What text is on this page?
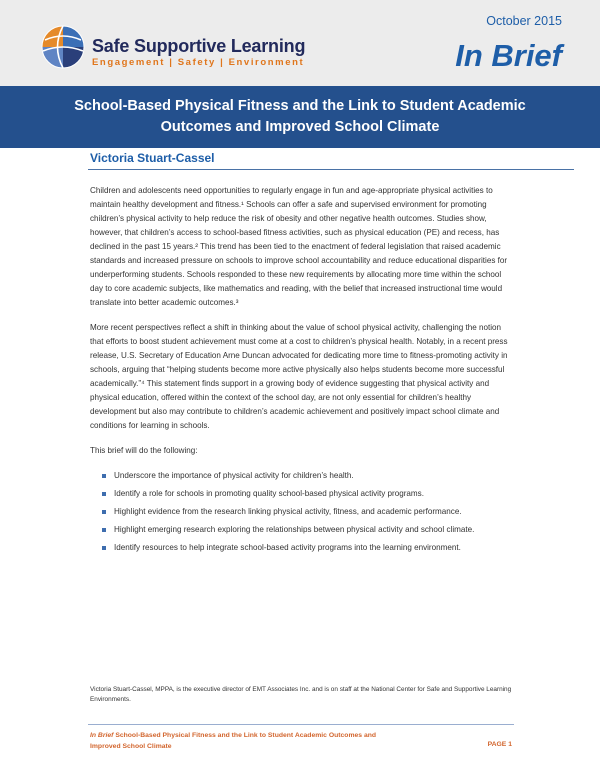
Safe Supportive Learning
Engagement | Safety | Environment
October 2015
In Brief
School-Based Physical Fitness and the Link to Student Academic Outcomes and Improved School Climate
Victoria Stuart-Cassel

Children and adolescents need opportunities to regularly engage in fun and age-appropriate physical activities to maintain healthy development and fitness.¹ Schools can offer a safe and supervised environment for promoting children’s physical activity to help reduce the risk of obesity and other negative health outcomes. Studies show, however, that children’s access to school-based fitness activities, such as physical education (PE) and recess, has declined in the past 15 years.² This trend has been tied to the enactment of federal legislation that raised academic standards and increased pressure on schools to improve school accountability and reduce educational disparities for underperforming students. Schools responded to these new requirements by allocating more time within the school day to core academic subjects, like mathematics and reading, with the belief that increased instructional time would translate into better academic outcomes.³

More recent perspectives reflect a shift in thinking about the value of school physical activity, challenging the notion that efforts to boost student achievement must come at a cost to children’s physical health. Notably, in a recent press release, U.S. Secretary of Education Arne Duncan advocated for dedicating more time to fitness-promoting activity in schools, arguing that “helping students become more active physically also helps students become more successful academically.”⁴ This statement finds support in a growing body of evidence suggesting that physical activity and physical education, offered within the context of the school day, are not only essential for children’s healthy development but also may contribute to children’s academic achievement and positively impact school climate and conditions for learning in schools.

This brief will do the following:

Underscore the importance of physical activity for children’s health.
Identify a role for schools in promoting quality school-based physical activity programs.
Highlight evidence from the research linking physical activity, fitness, and academic performance.
Highlight emerging research exploring the relationships between physical activity and school climate.
Identify resources to help integrate school-based activity programs into the learning environment.

Victoria Stuart-Cassel, MPPA, is the executive director of EMT Associates Inc. and is on staff at the National Center for Safe and Supportive Learning Environments.

In Brief School-Based Physical Fitness and the Link to Student Academic Outcomes and Improved School Climate	PAGE 1
